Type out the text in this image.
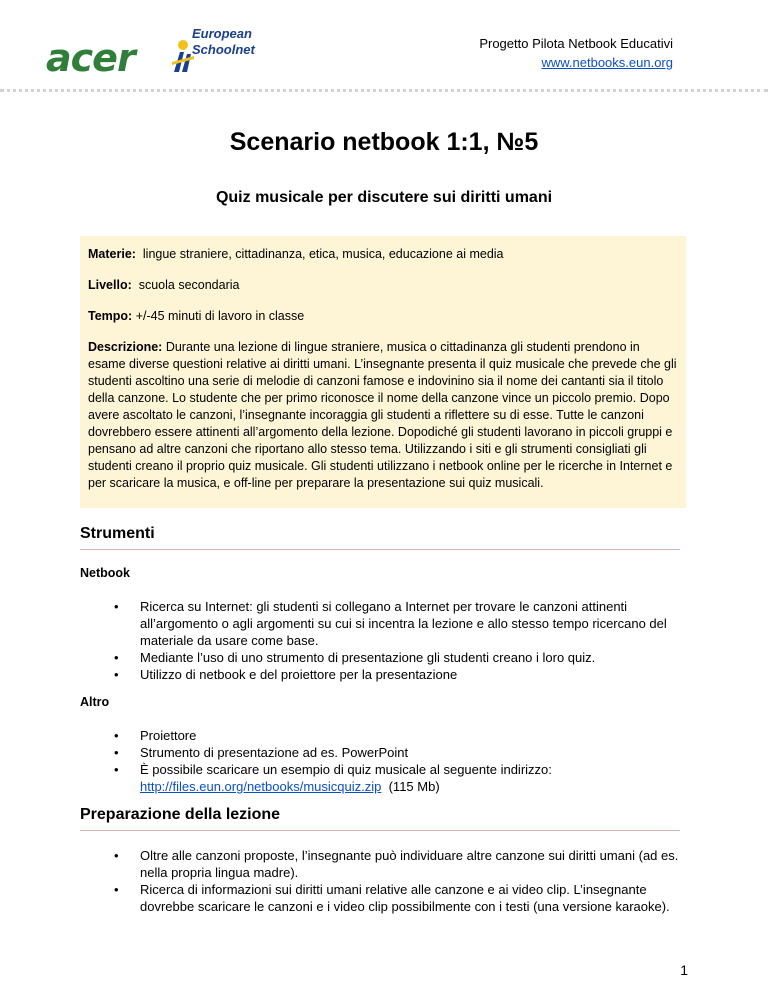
acer
European
Schoolnet	Progetto Pilota Netbook Educativi
www.netbooks.eun.org
Scenario netbook 1:1, №5
Quiz musicale per discutere sui diritti umani

Materie: lingue straniere, cittadinanza, etica, musica, educazione ai media

Livello: scuola secondaria

Tempo: +/-45 minuti di lavoro in classe

Descrizione: Durante una lezione di lingue straniere, musica o cittadinanza gli studenti prendono in esame diverse questioni relative ai diritti umani. L’insegnante presenta il quiz musicale che prevede che gli studenti ascoltino una serie di melodie di canzoni famose e indovinino sia il nome dei cantanti sia il titolo della canzone. Lo studente che per primo riconosce il nome della canzone vince un piccolo premio. Dopo avere ascoltato le canzoni, l’insegnante incoraggia gli studenti a riflettere su di esse. Tutte le canzoni dovrebbero essere attinenti all’argomento della lezione. Dopodiché gli studenti lavorano in piccoli gruppi e pensano ad altre canzoni che riportano allo stesso tema. Utilizzando i siti e gli strumenti consigliati gli studenti creano il proprio quiz musicale. Gli studenti utilizzano i netbook online per le ricerche in Internet e per scaricare la musica, e off-line per preparare la presentazione sui quiz musicali.

Strumenti
Netbook
• Ricerca su Internet: gli studenti si collegano a Internet per trovare le canzoni attinenti all’argomento o agli argomenti su cui si incentra la lezione e allo stesso tempo ricercano del materiale da usare come base.
• Mediante l’uso di uno strumento di presentazione gli studenti creano i loro quiz.
• Utilizzo di netbook e del proiettore per la presentazione
Altro
• Proiettore
• Strumento di presentazione ad es. PowerPoint
• È possibile scaricare un esempio di quiz musicale al seguente indirizzo:
http://files.eun.org/netbooks/musicquiz.zip (115 Mb)
Preparazione della lezione
• Oltre alle canzoni proposte, l’insegnante può individuare altre canzone sui diritti umani (ad es. nella propria lingua madre).
• Ricerca di informazioni sui diritti umani relative alle canzone e ai video clip. L’insegnante dovrebbe scaricare le canzoni e i video clip possibilmente con i testi (una versione karaoke).
1
